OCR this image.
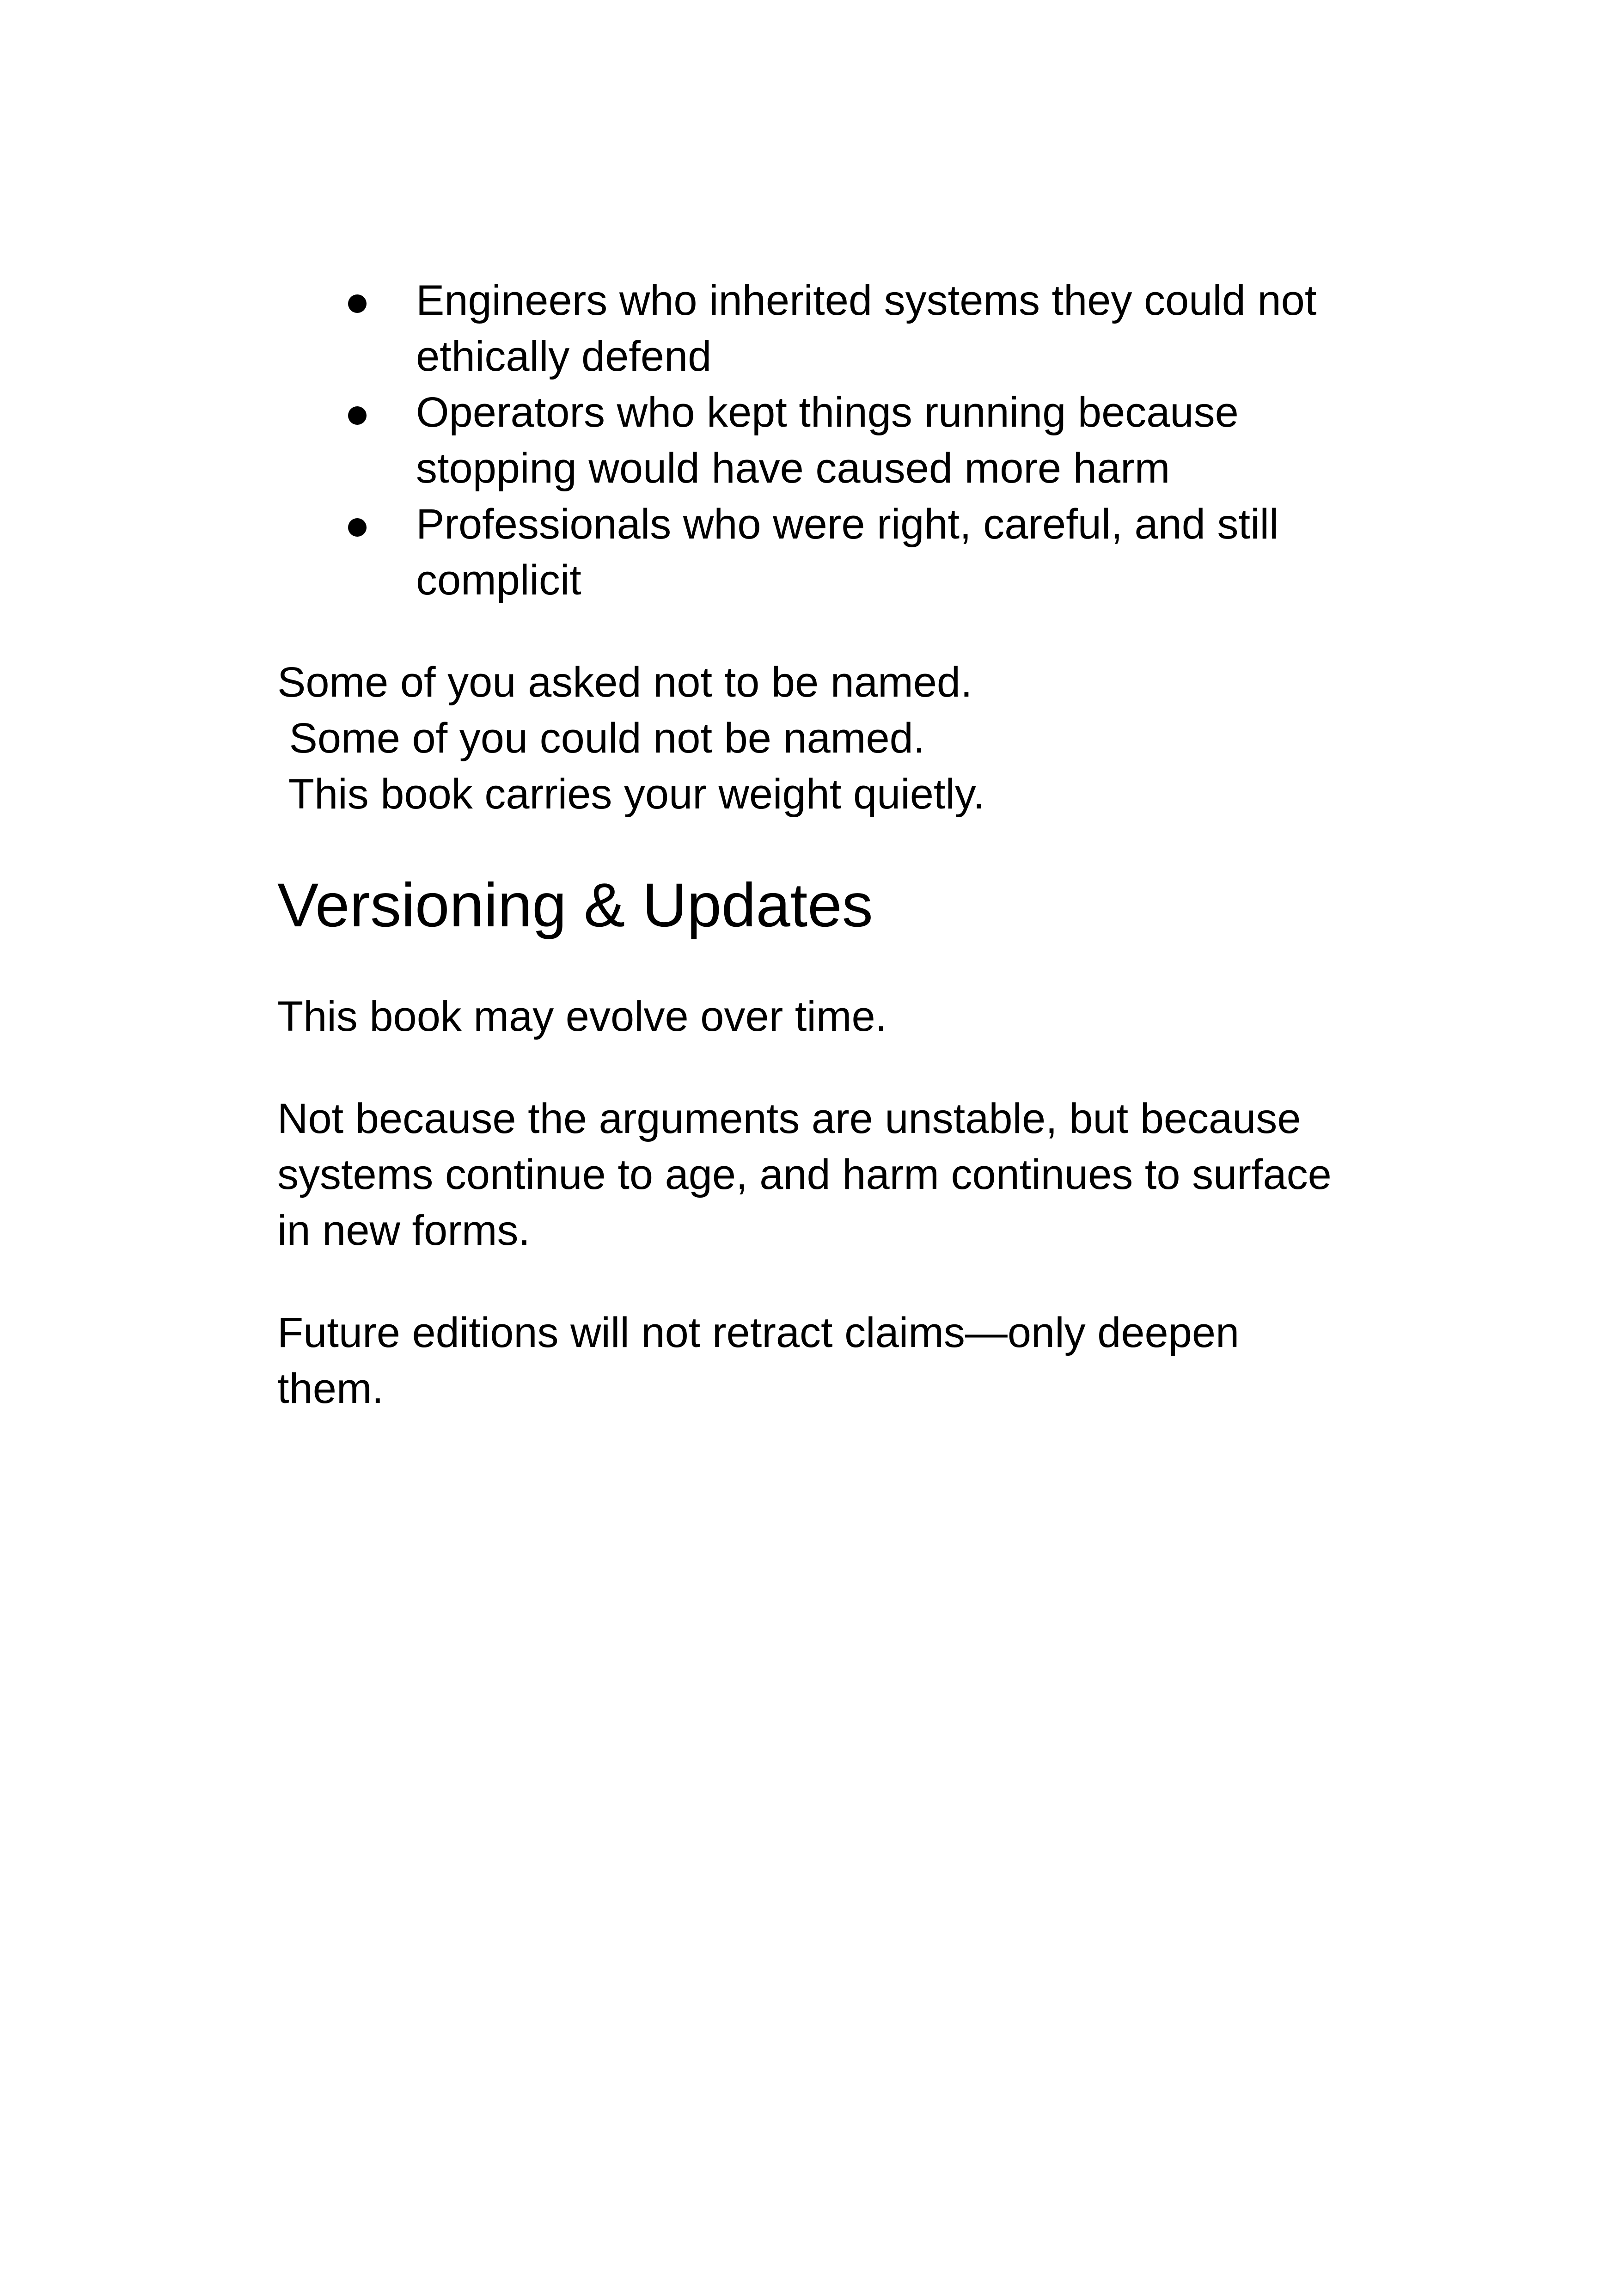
Engineers who inherited systems they could not ethically defend
Operators who kept things running because stopping would have caused more harm
Professionals who were right, careful, and still complicit

Some of you asked not to be named.
Some of you could not be named.
This book carries your weight quietly.

Versioning & Updates

This book may evolve over time.

Not because the arguments are unstable, but because systems continue to age, and harm continues to surface in new forms.

Future editions will not retract claims—only deepen them.
